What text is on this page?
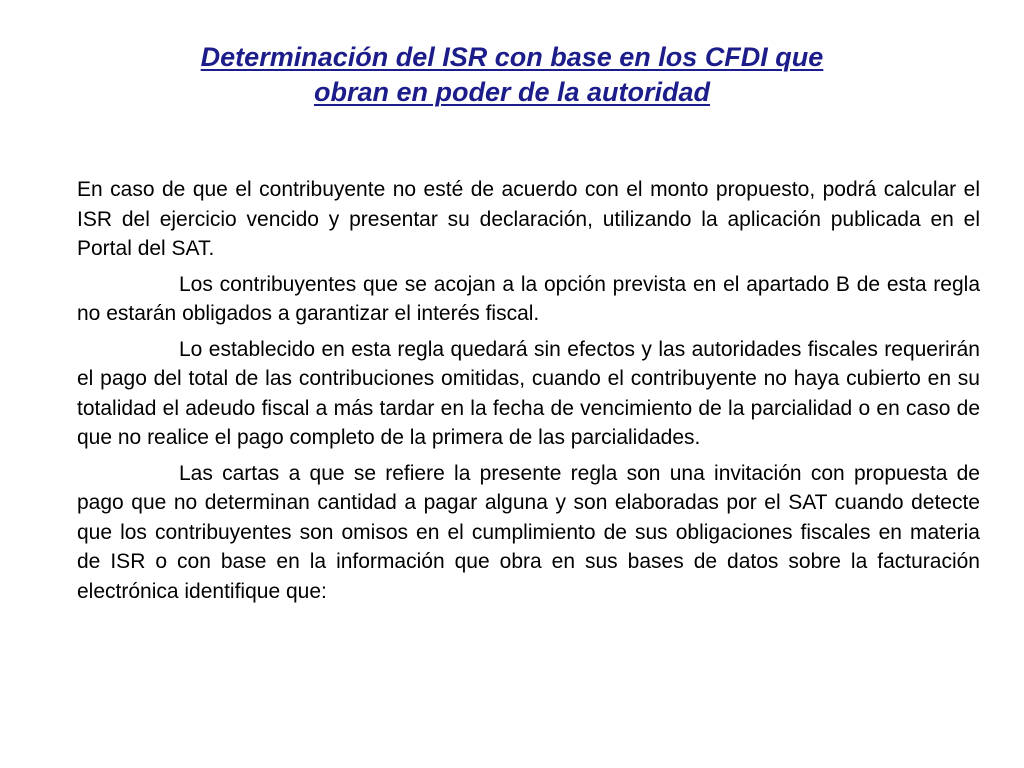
Determinación del ISR con base en los CFDI que
obran en poder de la autoridad

En caso de que el contribuyente no esté de acuerdo con el monto propuesto, podrá calcular el ISR del ejercicio vencido y presentar su declaración, utilizando la aplicación publicada en el Portal del SAT.

Los contribuyentes que se acojan a la opción prevista en el apartado B de esta regla no estarán obligados a garantizar el interés fiscal.

Lo establecido en esta regla quedará sin efectos y las autoridades fiscales requerirán el pago del total de las contribuciones omitidas, cuando el contribuyente no haya cubierto en su totalidad el adeudo fiscal a más tardar en la fecha de vencimiento de la parcialidad o en caso de que no realice el pago completo de la primera de las parcialidades.

Las cartas a que se refiere la presente regla son una invitación con propuesta de pago que no determinan cantidad a pagar alguna y son elaboradas por el SAT cuando detecte que los contribuyentes son omisos en el cumplimiento de sus obligaciones fiscales en materia de ISR o con base en la información que obra en sus bases de datos sobre la facturación electrónica identifique que:
